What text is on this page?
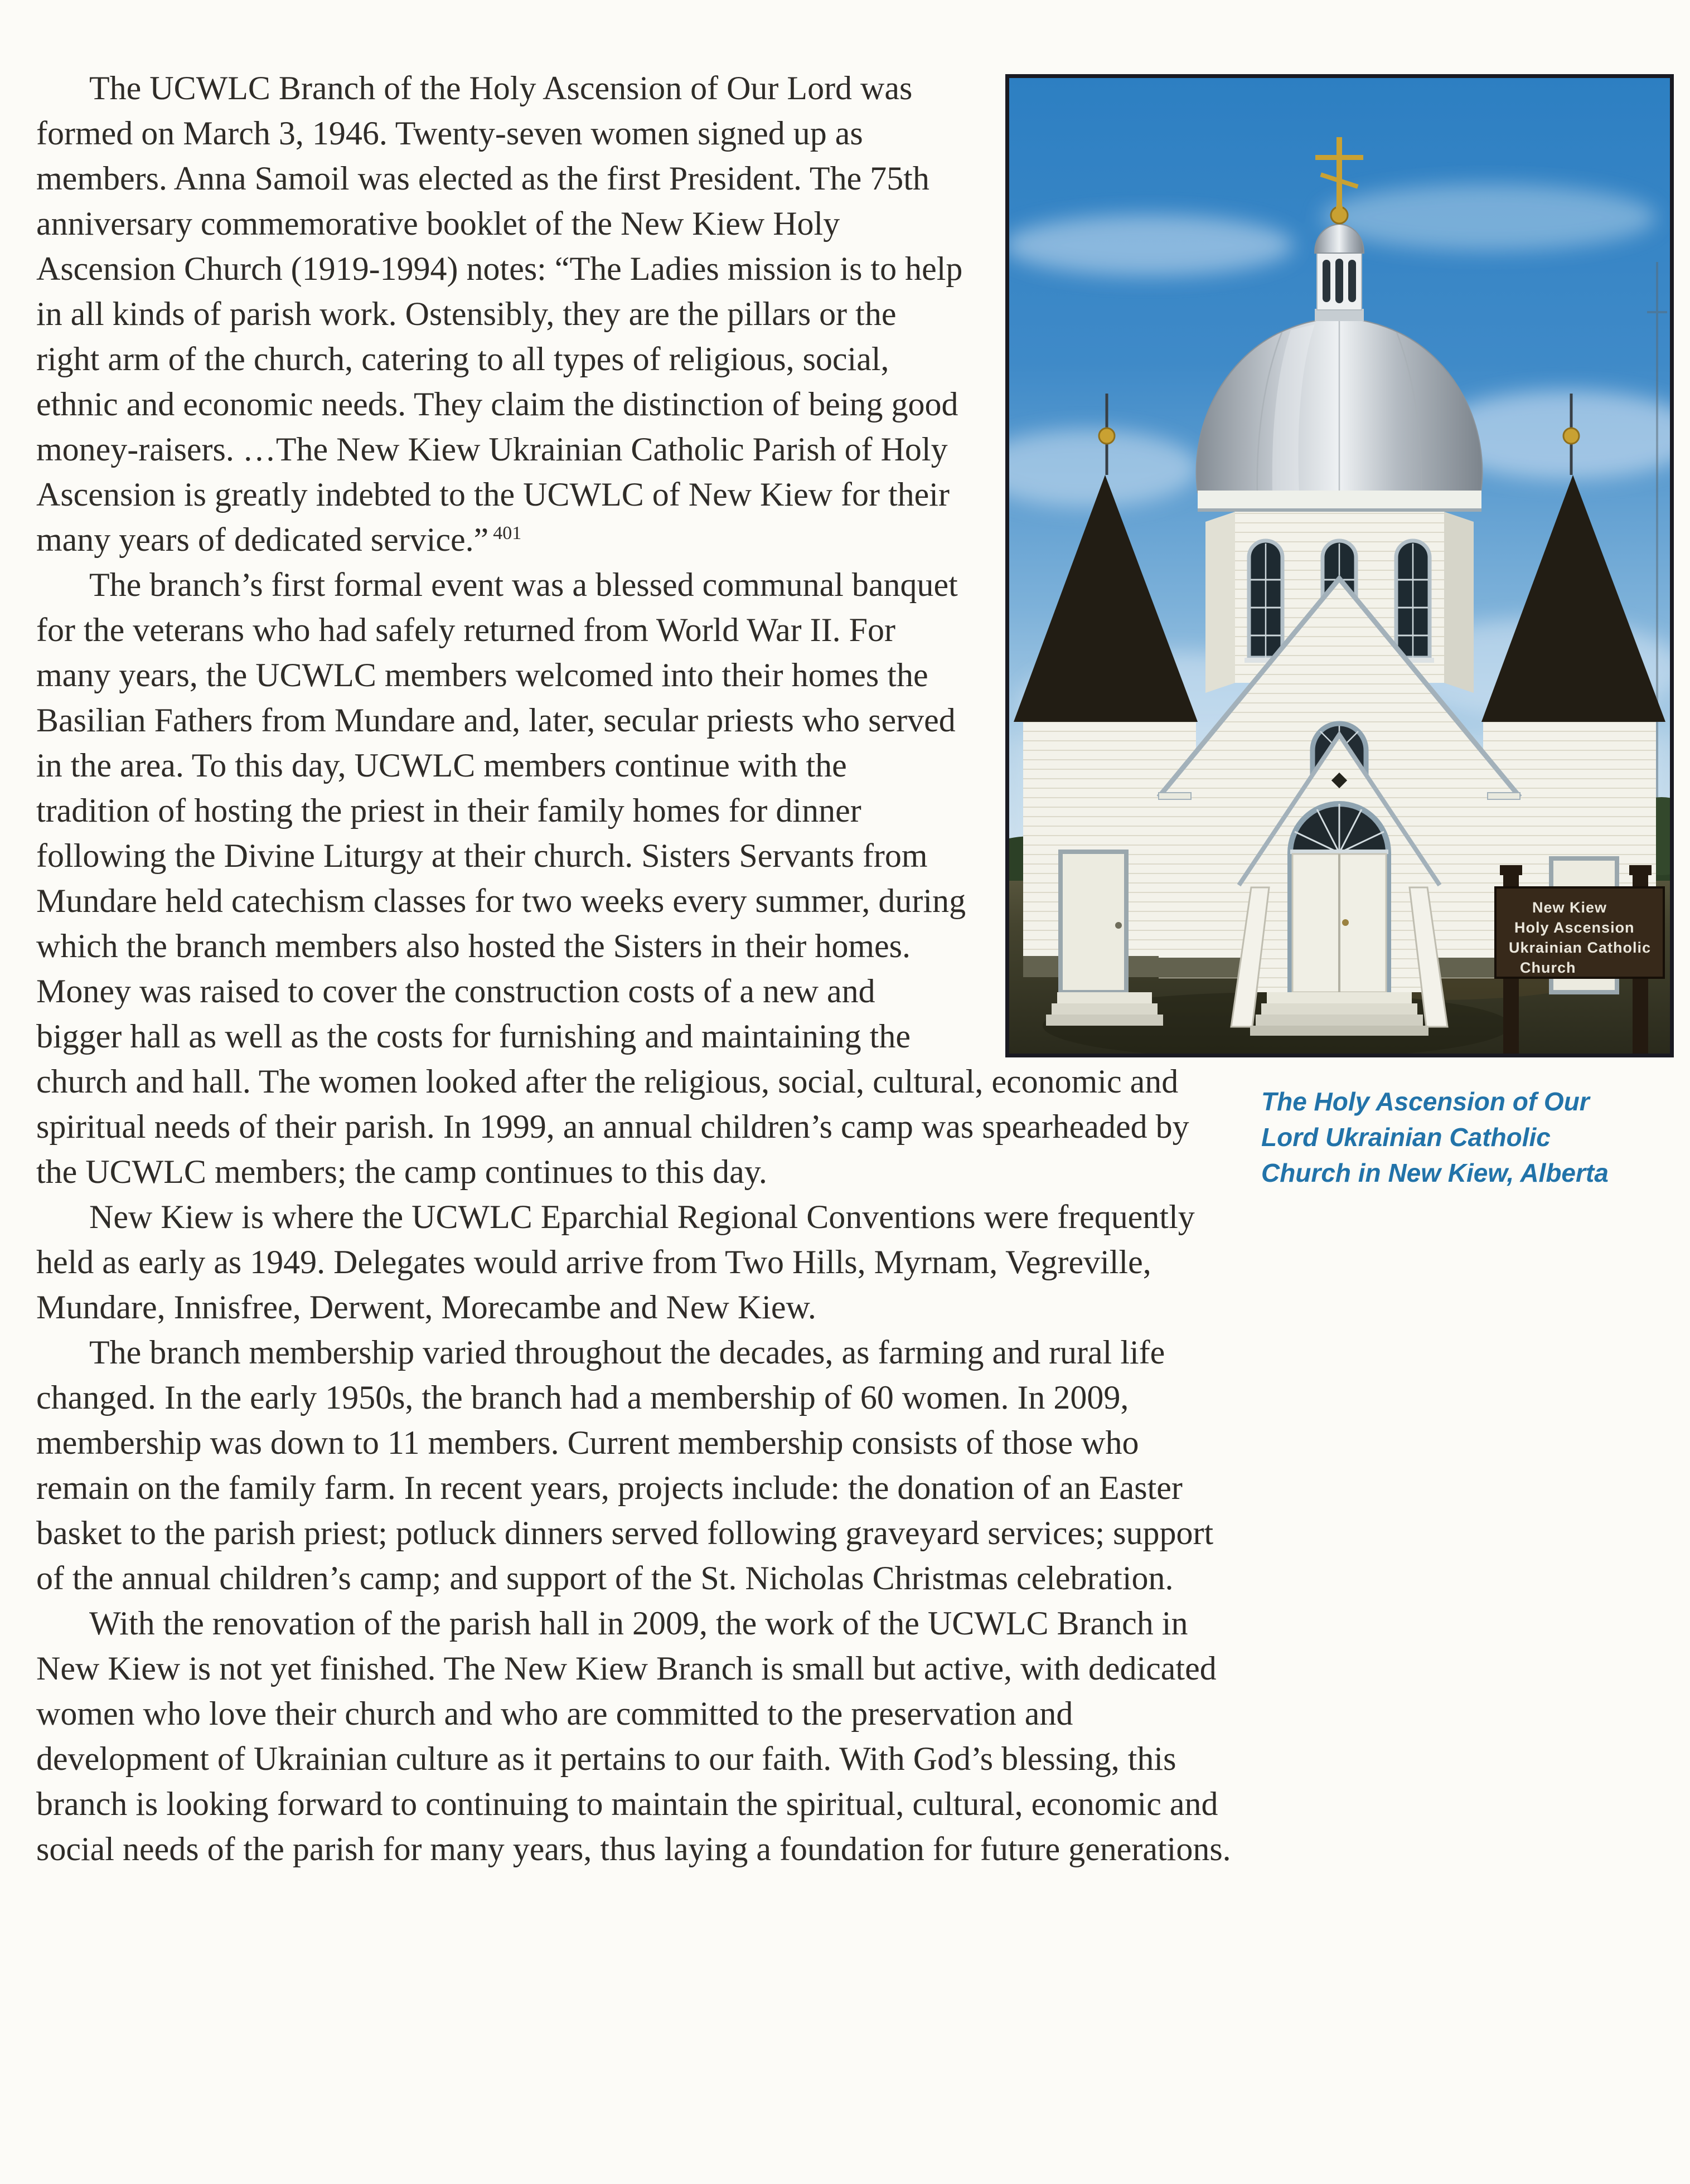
The UCWLC Branch of the Holy Ascension of Our Lord was formed on March 3, 1946. Twenty-seven women signed up as members. Anna Samoil was elected as the first President. The 75th anniversary commemorative booklet of the New Kiew Holy Ascension Church (1919-1994) notes: “The Ladies mission is to help in all kinds of parish work. Ostensibly, they are the pillars or the right arm of the church, catering to all types of religious, social, ethnic and economic needs. They claim the distinction of being good money-raisers. …The New Kiew Ukrainian Catholic Parish of Holy Ascension is greatly indebted to the UCWLC of New Kiew for their many years of dedicated service.” $^{401}$

The branch’s first formal event was a blessed communal banquet for the veterans who had safely returned from World War II. For many years, the UCWLC members welcomed into their homes the Basilian Fathers from Mundare and, later, secular priests who served in the area. To this day, UCWLC members continue with the tradition of hosting the priest in their family homes for dinner following the Divine Liturgy at their church. Sisters Servants from Mundare held catechism classes for two weeks every summer, during which the branch members also hosted the Sisters in their homes. Money was raised to cover the construction costs of a new and bigger hall as well as the costs for furnishing and maintaining the church and hall. The women looked after the religious, social, cultural, economic and spiritual needs of their parish. In 1999, an annual children’s camp was spearheaded by the UCWLC members; the camp continues to this day.

New Kiew is where the UCWLC Eparchial Regional Conventions were frequently held as early as 1949. Delegates would arrive from Two Hills, Myrnam, Vegreville, Mundare, Innisfree, Derwent, Morecambe and New Kiew.

The branch membership varied throughout the decades, as farming and rural life changed. In the early 1950s, the branch had a membership of 60 women. In 2009, membership was down to 11 members. Current membership consists of those who remain on the family farm. In recent years, projects include: the donation of an Easter basket to the parish priest; potluck dinners served following graveyard services; support of the annual children’s camp; and support of the St. Nicholas Christmas celebration.

With the renovation of the parish hall in 2009, the work of the UCWLC Branch in New Kiew is not yet finished. The New Kiew Branch is small but active, with dedicated women who love their church and who are committed to the preservation and development of Ukrainian culture as it pertains to our faith. With God’s blessing, this branch is looking forward to continuing to maintain the spiritual, cultural, economic and social needs of the parish for many years, thus laying a foundation for future generations.

New Kiew
Holy Ascension
Ukrainian Catholic
Church
The Holy Ascension of Our Lord Ukrainian Catholic Church in New Kiew, Alberta
